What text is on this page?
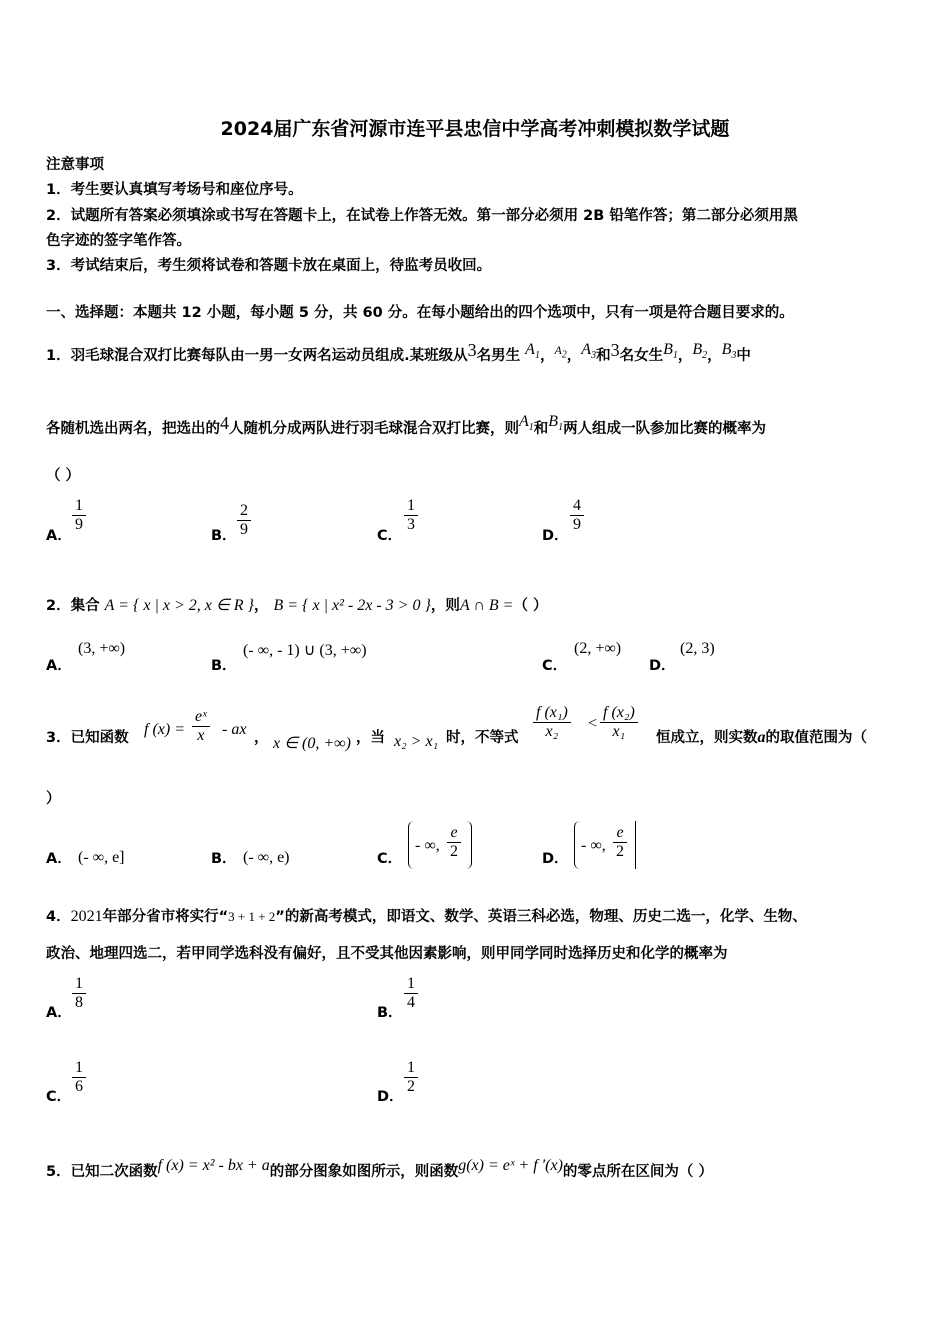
2024届广东省河源市连平县忠信中学高考冲刺模拟数学试题
注意事项
1．考生要认真填写考场号和座位序号。
2．试题所有答案必须填涂或书写在答题卡上，在试卷上作答无效。第一部分必须用 2B 铅笔作答；第二部分必须用黑
色字迹的签字笔作答。
3．考试结束后，考生须将试卷和答题卡放在桌面上，待监考员收回。
一、选择题：本题共 12 小题，每小题 5 分，共 60 分。在每小题给出的四个选项中，只有一项是符合题目要求的。
1．羽毛球混合双打比赛每队由一男一女两名运动员组成.某班级从3名男生 $A_1$，$^{A_2}$，$A_3$和3名女生$B_1$，$B_2$，$B_3$中
各随机选出两名，把选出的4人随机分成两队进行羽毛球混合双打比赛，则$A_1$和$B_1$两人组成一队参加比赛的概率为
（ ）
A．
$\frac{1}{9}$
B． $\frac{2}{9}$	C．
$\frac{1}{3}$
D．
$\frac{4}{9}$
2．集合 A = { x | x > 2, x ∈ R }， B = { x | x² - 2x - 3 > 0 }，则A ∩ B =（ ）
A．
(3, +∞)
B．
(- ∞, - 1) ∪ (3, +∞)
C．
(2, +∞)
D．
(2, 3)
3．已知函数 f $(x) = \frac{\text{eˣ}}{x}$ - ax ， x ∈ (0, +∞) ，当 x₂ > x₁ 时，不等式 $\frac{\text{f (x₁)}}{\text{x₂}} < \frac{\text{f (x₂)}}{\text{x₁}}$ 恒成立，则实数a的取值范围为（
）
A． (- ∞, e]	B． (- ∞, e)	C．
- ∞, $\frac{e}{2}$	D．
- ∞, $\frac{e}{2}$
4．2021年部分省市将实行“3 + 1 + 2”的新高考模式，即语文、数学、英语三科必选，物理、历史二选一，化学、生物、
政治、地理四选二，若甲同学选科没有偏好，且不受其他因素影响，则甲同学同时选择历史和化学的概率为
A．
$\frac{1}{8}$
B．
$\frac{1}{4}$
C．
$\frac{1}{6}$
D．
$\frac{1}{2}$
5．已知二次函数f (x) = x² - bx + a的部分图象如图所示，则函数g(x) = eˣ + f ′(x)的零点所在区间为（ ）
